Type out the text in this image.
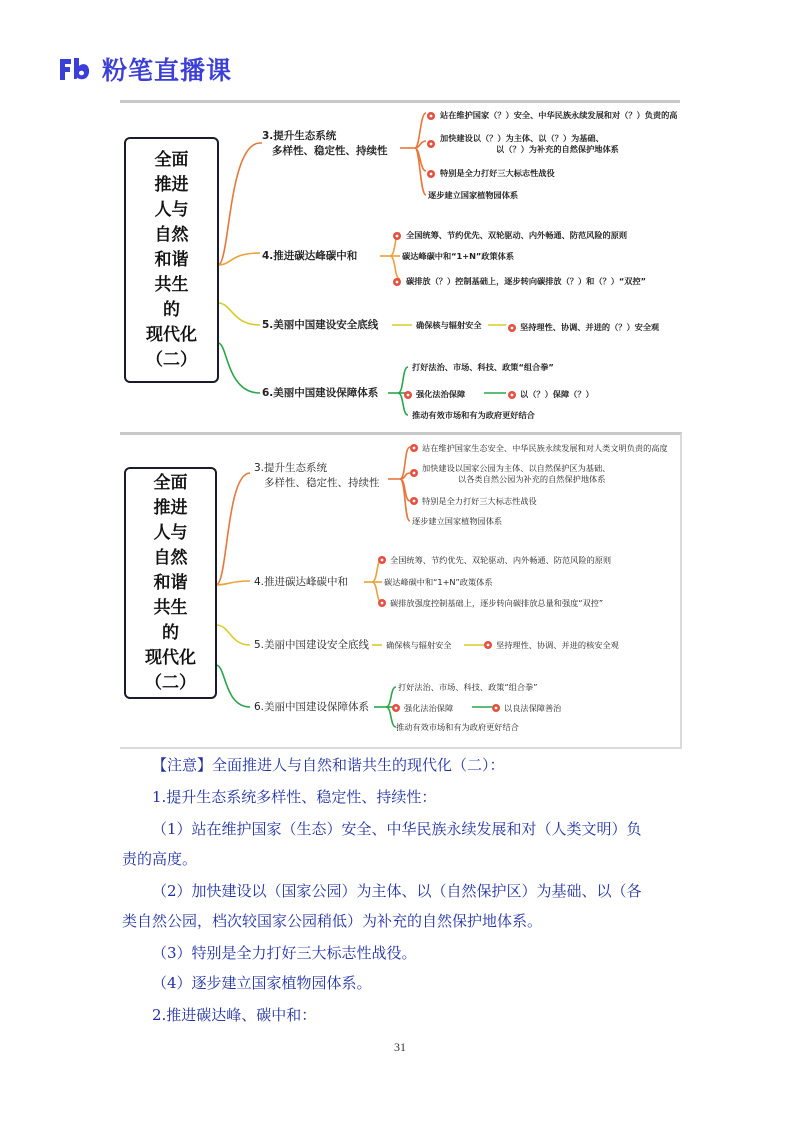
粉笔直播课
全面
推进
人与
自然
和谐
共生
的
现代化
（二）
3.提升生态系统
多样性、稳定性、持续性
站在维护国家（？）安全、中华民族永续发展和对（？）负责的高
加快建设以（？）为主体、以（？）为基础、
以（？）为补充的自然保护地体系
特别是全力打好三大标志性战役
逐步建立国家植物园体系
4.推进碳达峰碳中和
全国统筹、节约优先、双轮驱动、内外畅通、防范风险的原则
碳达峰碳中和“1+N”政策体系
碳排放（？）控制基础上，逐步转向碳排放（？）和（？）“双控”
5.美丽中国建设安全底线	确保核与辐射安全	坚持理性、协调、并进的（？）安全观
6.美丽中国建设保障体系
打好法治、市场、科技、政策“组合拳”
强化法治保障	以（？）保障（？）
推动有效市场和有为政府更好结合
全面
推进
人与
自然
和谐
共生
的
现代化
（二）
3.提升生态系统
多样性、稳定性、持续性
站在维护国家生态安全、中华民族永续发展和对人类文明负责的高度
加快建设以国家公园为主体、以自然保护区为基础、
以各类自然公园为补充的自然保护地体系
特别是全力打好三大标志性战役
逐步建立国家植物园体系
4.推进碳达峰碳中和
全国统筹、节约优先、双轮驱动、内外畅通、防范风险的原则
碳达峰碳中和“1+N”政策体系
碳排放强度控制基础上，逐步转向碳排放总量和强度“双控”
5.美丽中国建设安全底线 确保核与辐射安全	坚持理性、协调、并进的核安全观
6.美丽中国建设保障体系
打好法治、市场、科技、政策“组合拳”
强化法治保障	以良法保障善治
推动有效市场和有为政府更好结合
【注意】全面推进人与自然和谐共生的现代化（二）：
1.提升生态系统多样性、稳定性、持续性：
（1）站在维护国家（生态）安全、中华民族永续发展和对（人类文明）负
责的高度。
（2）加快建设以（国家公园）为主体、以（自然保护区）为基础、以（各
类自然公园，档次较国家公园稍低）为补充的自然保护地体系。
（3）特别是全力打好三大标志性战役。
（4）逐步建立国家植物园体系。
2.推进碳达峰、碳中和：
31
